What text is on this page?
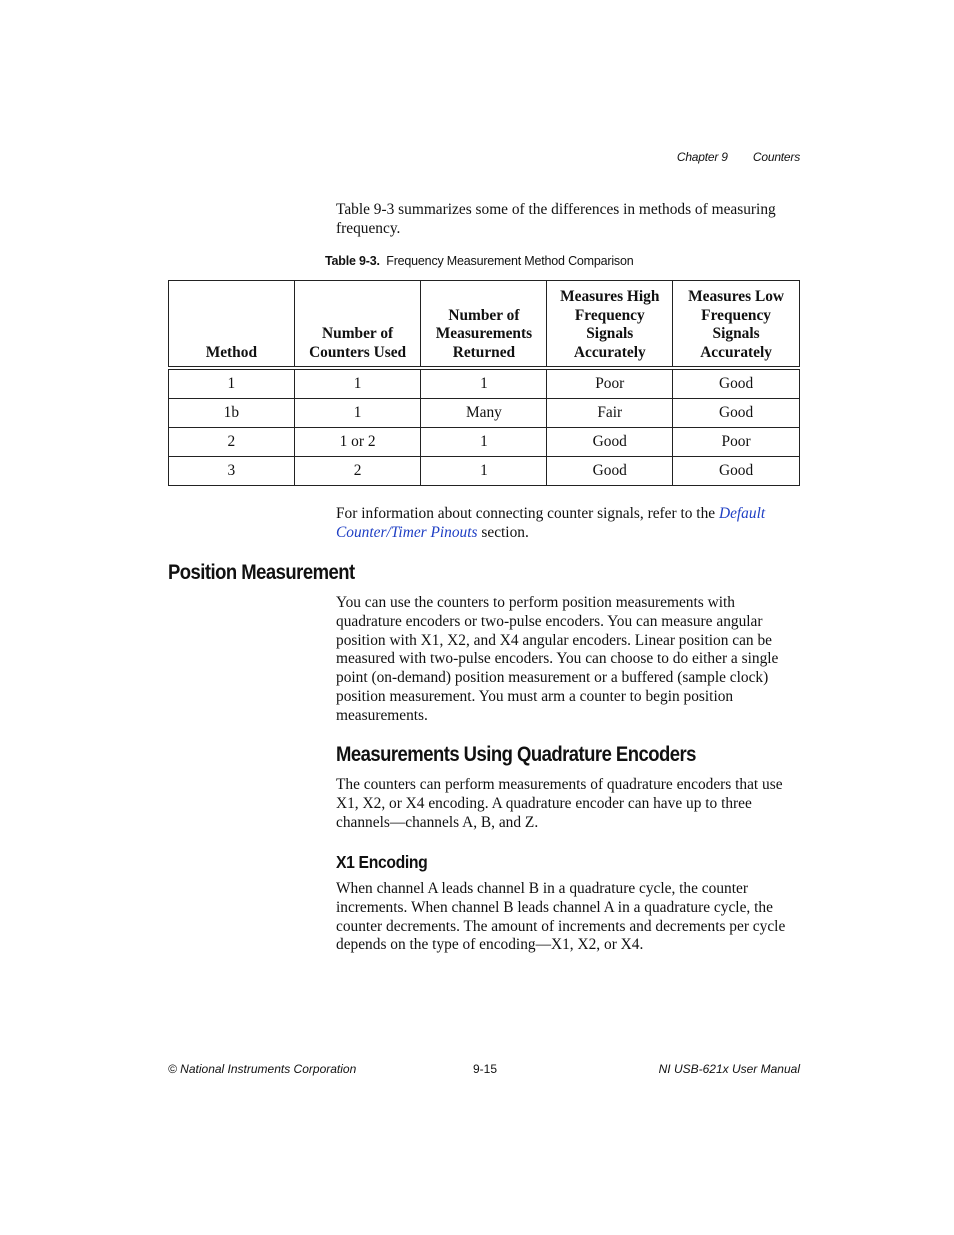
Chapter 9 Counters
Table 9-3 summarizes some of the differences in methods of measuring frequency.
Table 9-3. Frequency Measurement Method Comparison
Method	Number of Counters Used	Number of Measurements Returned	Measures High Frequency Signals Accurately	Measures Low Frequency Signals Accurately

1	1	1	Poor	Good
1b	1	Many	Fair	Good
2	1 or 2	1	Good	Poor
3	2	1	Good	Good
For information about connecting counter signals, refer to the Default Counter/Timer Pinouts section.
Position Measurement
You can use the counters to perform position measurements with quadrature encoders or two-pulse encoders. You can measure angular position with X1, X2, and X4 angular encoders. Linear position can be measured with two-pulse encoders. You can choose to do either a single point (on-demand) position measurement or a buffered (sample clock) position measurement. You must arm a counter to begin position measurements.
Measurements Using Quadrature Encoders
The counters can perform measurements of quadrature encoders that use X1, X2, or X4 encoding. A quadrature encoder can have up to three channels—channels A, B, and Z.
X1 Encoding
When channel A leads channel B in a quadrature cycle, the counter increments. When channel B leads channel A in a quadrature cycle, the counter decrements. The amount of increments and decrements per cycle depends on the type of encoding—X1, X2, or X4.
© National Instruments Corporation	9-15	NI USB-621x User Manual
